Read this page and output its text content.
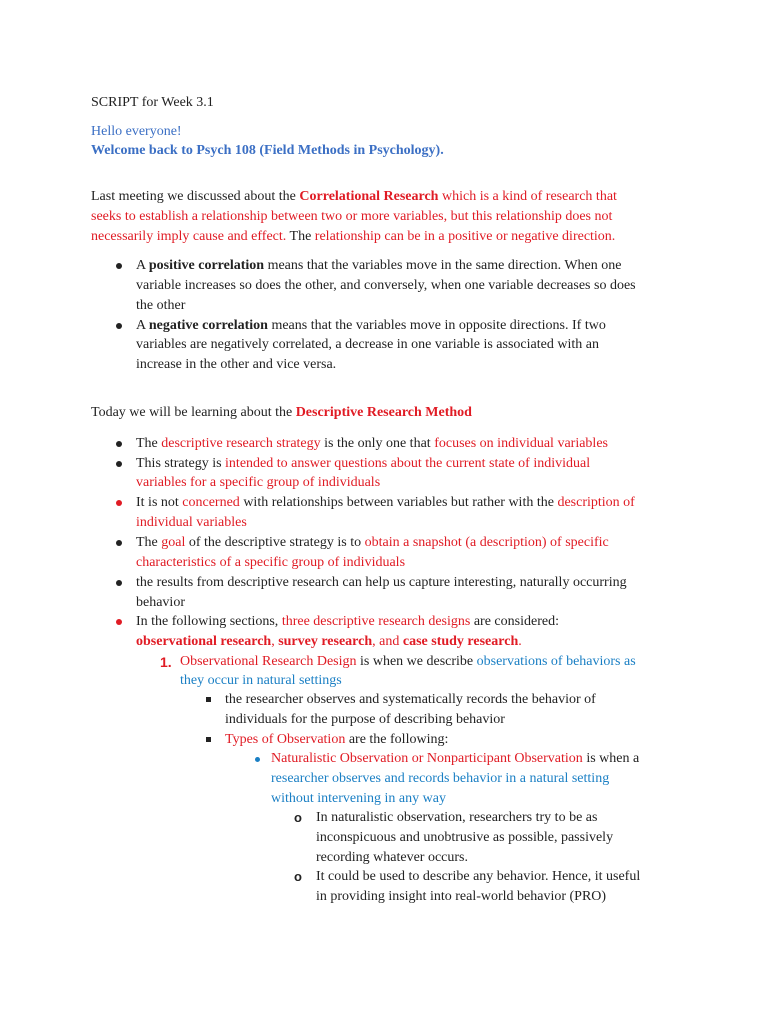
SCRIPT for Week 3.1
Hello everyone!
Welcome back to Psych 108 (Field Methods in Psychology).
Last meeting we discussed about the Correlational Research which is a kind of research that
seeks to establish a relationship between two or more variables, but this relationship does not
necessarily imply cause and effect. The relationship can be in a positive or negative direction.
A positive correlation means that the variables move in the same direction. When one
variable increases so does the other, and conversely, when one variable decreases so does
the other
A negative correlation means that the variables move in opposite directions. If two
variables are negatively correlated, a decrease in one variable is associated with an
increase in the other and vice versa.
Today we will be learning about the Descriptive Research Method
The descriptive research strategy is the only one that focuses on individual variables
This strategy is intended to answer questions about the current state of individual
variables for a specific group of individuals
It is not concerned with relationships between variables but rather with the description of
individual variables
The goal of the descriptive strategy is to obtain a snapshot (a description) of specific
characteristics of a specific group of individuals
the results from descriptive research can help us capture interesting, naturally occurring
behavior
In the following sections, three descriptive research designs are considered:
observational research, survey research, and case study research.
1. Observational Research Design is when we describe observations of behaviors as
they occur in natural settings
the researcher observes and systematically records the behavior of
individuals for the purpose of describing behavior
Types of Observation are the following:
Naturalistic Observation or Nonparticipant Observation is when a
researcher observes and records behavior in a natural setting
without intervening in any way
o In naturalistic observation, researchers try to be as
inconspicuous and unobtrusive as possible, passively
recording whatever occurs.
o It could be used to describe any behavior. Hence, it useful
in providing insight into real-world behavior (PRO)
